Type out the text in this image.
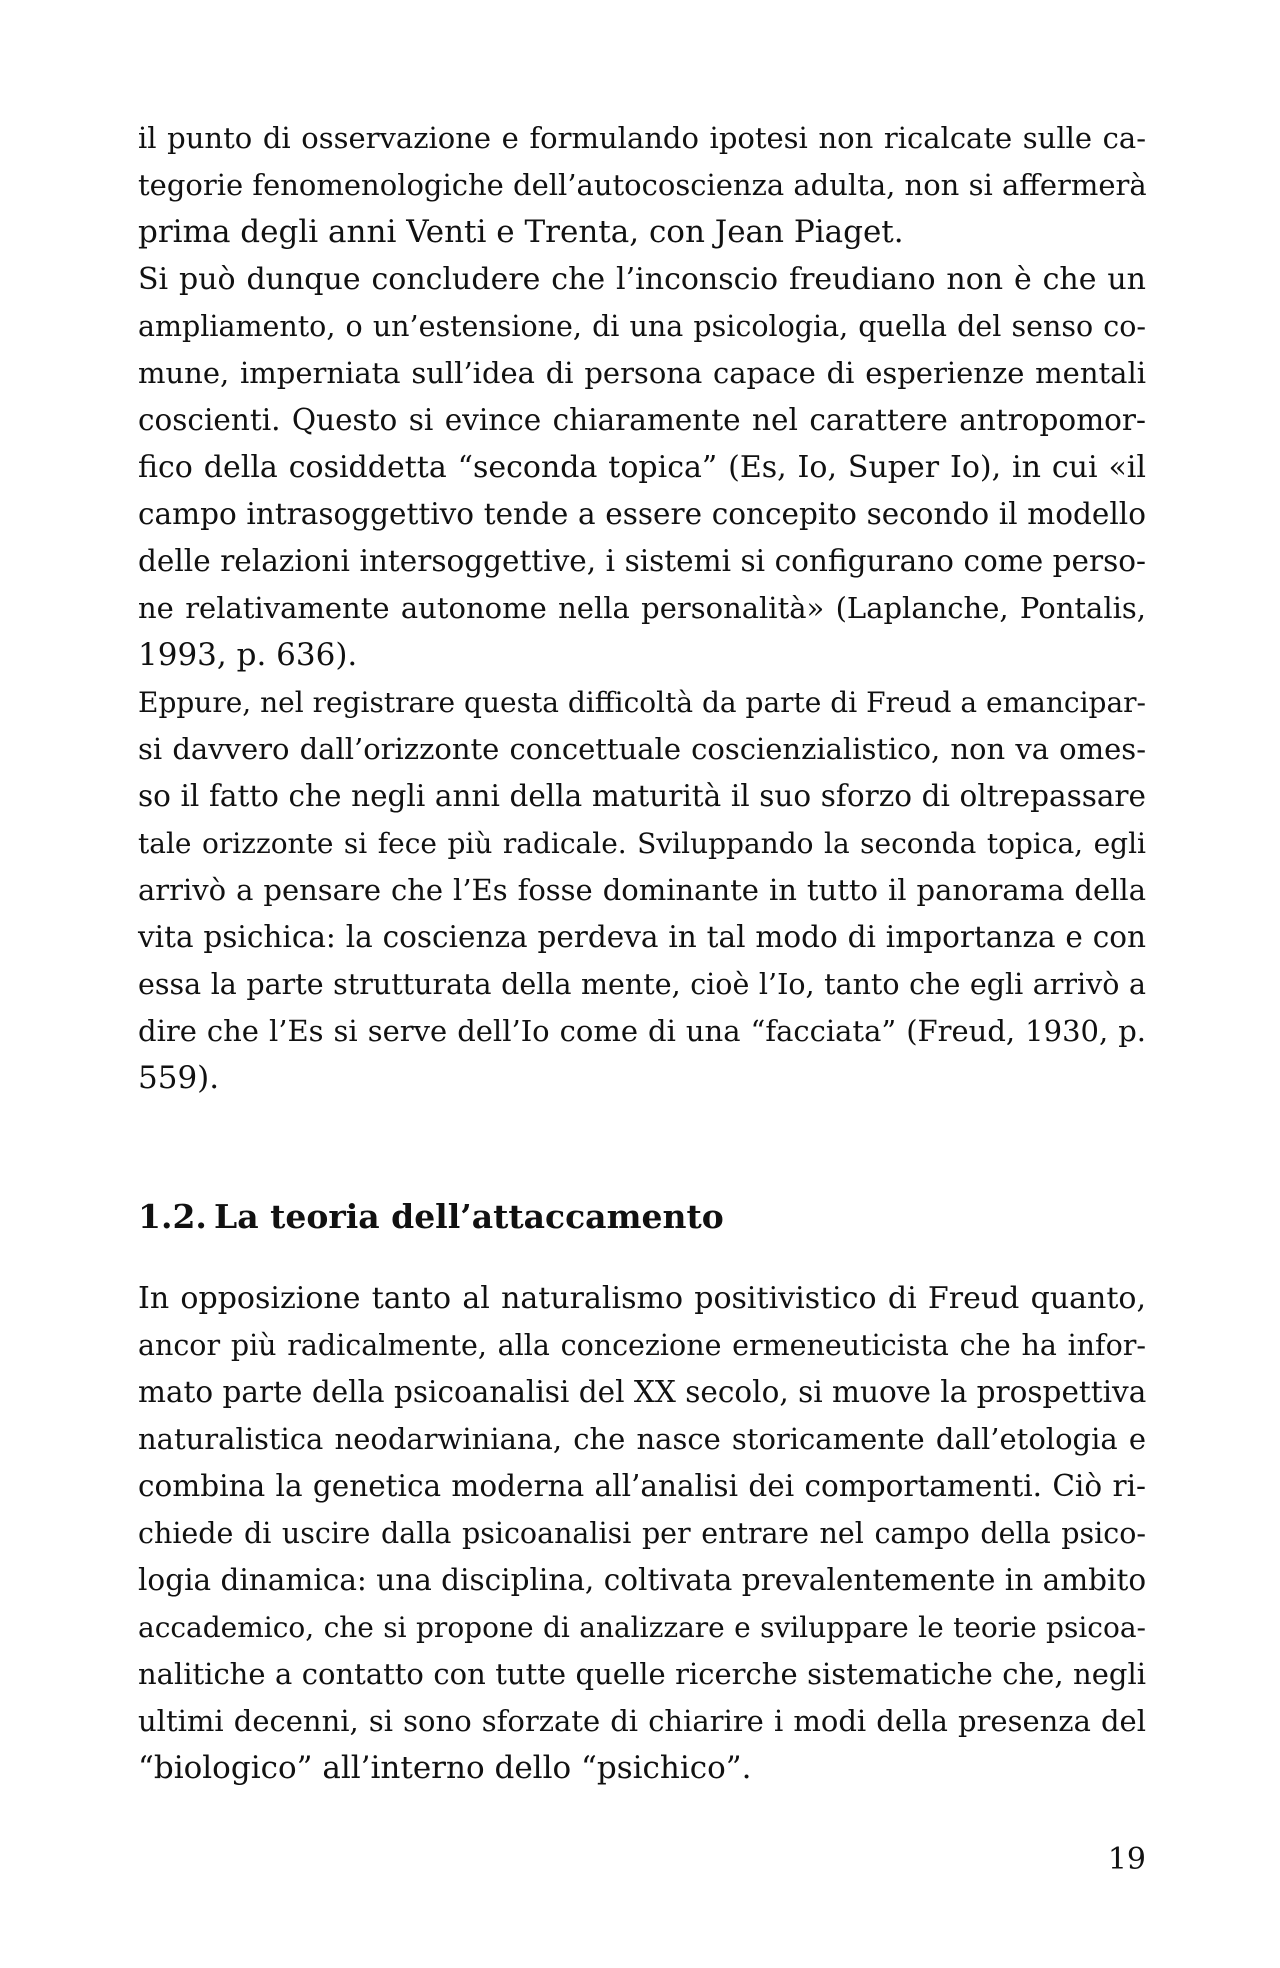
il punto di osservazione e formulando ipotesi non ricalcate sulle ca-
tegorie fenomenologiche dell’autocoscienza adulta, non si affermerà
prima degli anni Venti e Trenta, con Jean Piaget.
Si può dunque concludere che l’inconscio freudiano non è che un
ampliamento, o un’estensione, di una psicologia, quella del senso co-
mune, imperniata sull’idea di persona capace di esperienze mentali
coscienti. Questo si evince chiaramente nel carattere antropomor-
fico della cosiddetta “seconda topica” (Es, Io, Super Io), in cui «il
campo intrasoggettivo tende a essere concepito secondo il modello
delle relazioni intersoggettive, i sistemi si configurano come perso-
ne relativamente autonome nella personalità» (Laplanche, Pontalis,
1993, p. 636).
Eppure, nel registrare questa difficoltà da parte di Freud a emancipar-
si davvero dall’orizzonte concettuale coscienzialistico, non va omes-
so il fatto che negli anni della maturità il suo sforzo di oltrepassare
tale orizzonte si fece più radicale. Sviluppando la seconda topica, egli
arrivò a pensare che l’Es fosse dominante in tutto il panorama della
vita psichica: la coscienza perdeva in tal modo di importanza e con
essa la parte strutturata della mente, cioè l’Io, tanto che egli arrivò a
dire che l’Es si serve dell’Io come di una “facciata” (Freud, 1930, p.
559).
1.2. La teoria dell’attaccamento
In opposizione tanto al naturalismo positivistico di Freud quanto,
ancor più radicalmente, alla concezione ermeneuticista che ha infor-
mato parte della psicoanalisi del XX secolo, si muove la prospettiva
naturalistica neodarwiniana, che nasce storicamente dall’etologia e
combina la genetica moderna all’analisi dei comportamenti. Ciò ri-
chiede di uscire dalla psicoanalisi per entrare nel campo della psico-
logia dinamica: una disciplina, coltivata prevalentemente in ambito
accademico, che si propone di analizzare e sviluppare le teorie psicoa-
nalitiche a contatto con tutte quelle ricerche sistematiche che, negli
ultimi decenni, si sono sforzate di chiarire i modi della presenza del
“biologico” all’interno dello “psichico”.
19
